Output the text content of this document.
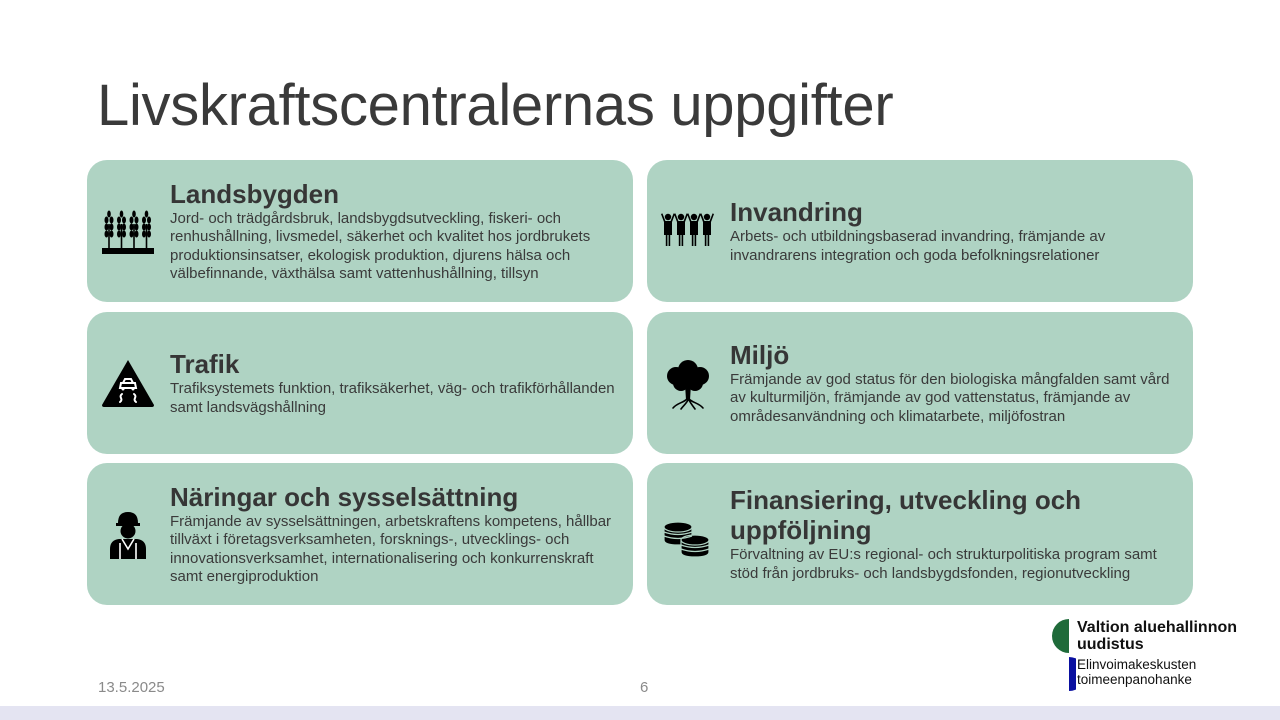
Livskraftscentralernas uppgifter
Landsbygden
Jord- och trädgårdsbruk, landsbygdsutveckling, fiskeri- och renhushållning, livsmedel, säkerhet och kvalitet hos jordbrukets produktionsinsatser, ekologisk produktion, djurens hälsa och välbefinnande, växthälsa samt vattenhushållning, tillsyn
Invandring
Arbets- och utbildningsbaserad invandring, främjande av invandrarens integration och goda befolkningsrelationer
Trafik
Trafiksystemets funktion, trafiksäkerhet, väg- och trafikförhållanden samt landsvägshållning
Miljö
Främjande av god status för den biologiska mångfalden samt vård av kulturmiljön, främjande av god vattenstatus, främjande av områdesanvändning och klimatarbete, miljöfostran
Näringar och sysselsättning
Främjande av sysselsättningen, arbetskraftens kompetens, hållbar tillväxt i företagsverksamheten, forsknings-, utvecklings- och innovationsverksamhet, internationalisering och konkurrenskraft samt energiproduktion
Finansiering, utveckling och uppföljning
Förvaltning av EU:s regional- och strukturpolitiska program samt stöd från jordbruks- och landsbygdsfonden, regionutveckling
Valtion aluehallinnon
uudistus
Elinvoimakeskusten
toimeenpanohanke
13.5.2025	6
